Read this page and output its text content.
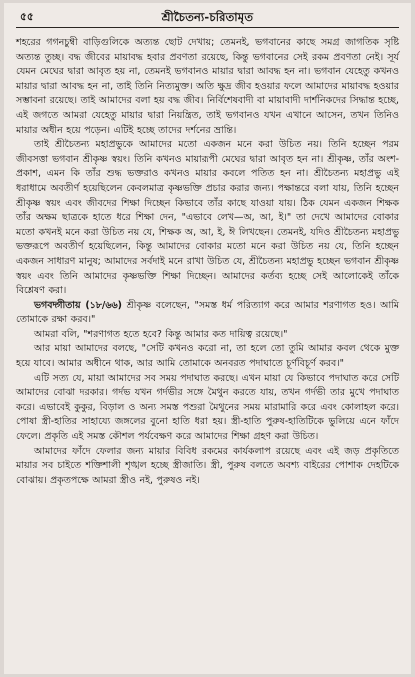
৫৫	শ্রীচৈতন্য-চরিতামৃত

শহরের গগনচুম্বী বাড়িগুলিকে অত্যন্ত ছোট দেখায়; তেমনই, ভগবানের কাছে সমগ্র জাগতিক সৃষ্টি অত্যন্ত তুচ্ছ। বদ্ধ জীবের মায়াবদ্ধ হবার প্রবণতা রয়েছে, কিন্তু ভগবানের সেই রকম প্রবণতা নেই। সূর্য যেমন মেঘের দ্বারা আবৃত হয় না, তেমনই ভগবানও মায়ার দ্বারা আবদ্ধ হন না। ভগবান যেহেতু কখনও মায়ার দ্বারা আবদ্ধ হন না, তাই তিনি নিত্যমুক্ত। অতি ক্ষুদ্র জীব হওয়ার ফলে আমাদের মায়াবদ্ধ হওয়ার সম্ভাবনা রয়েছে। তাই আমাদের বলা হয় বদ্ধ জীব। নির্বিশেষবাদী বা মায়াবাদী দার্শনিকদের সিদ্ধান্ত হচ্ছে, এই জগতে আমরা যেহেতু মায়ার দ্বারা নিয়ন্ত্রিত, তাই ভগবানও যখন এখানে আসেন, তখন তিনিও মায়ার অধীন হয়ে পড়েন। এটিই হচ্ছে তাদের দর্শনের ভ্রান্তি।

তাই শ্রীচৈতন্য মহাপ্রভুকে আমাদের মতো একজন মনে করা উচিত নয়। তিনি হচ্ছেন পরম জীবসত্তা ভগবান শ্রীকৃষ্ণ স্বয়ং। তিনি কখনও মায়ারূপী মেঘের দ্বারা আবৃত হন না। শ্রীকৃষ্ণ, তাঁর অংশ-প্রকাশ, এমন কি তাঁর শুদ্ধ ভক্তরাও কখনও মায়ার কবলে পতিত হন না। শ্রীচৈতন্য মহাপ্রভু এই ধরাধামে অবতীর্ণ হয়েছিলেন কেবলমাত্র কৃষ্ণভক্তি প্রচার করার জন্য। পক্ষান্তরে বলা যায়, তিনি হচ্ছেন শ্রীকৃষ্ণ স্বয়ং এবং জীবদের শিক্ষা দিচ্ছেন কিভাবে তাঁর কাছে যাওয়া যায়। ঠিক যেমন একজন শিক্ষক তাঁর অক্ষম ছাত্রকে হাতে ধরে শিক্ষা দেন, "এভাবে লেখ—অ, আ, ই।" তা দেখে আমাদের বোকার মতো কখনই মনে করা উচিত নয় যে, শিক্ষক অ, আ, ই, ঈ লিখছেন। তেমনই, যদিও শ্রীচৈতন্য মহাপ্রভু ভক্তরূপে অবতীর্ণ হয়েছিলেন, কিন্তু আমাদের বোকার মতো মনে করা উচিত নয় যে, তিনি হচ্ছেন একজন সাধারণ মানুষ; আমাদের সর্বদাই মনে রাখা উচিত যে, শ্রীচৈতন্য মহাপ্রভু হচ্ছেন ভগবান শ্রীকৃষ্ণ স্বয়ং এবং তিনি আমাদের কৃষ্ণভক্তি শিক্ষা দিচ্ছেন। আমাদের কর্তব্য হচ্ছে সেই আলোকেই তাঁকে বিশ্লেষণ করা।

ভগবদ্গীতায় (১৮/৬৬) শ্রীকৃষ্ণ বলেছেন, "সমস্ত ধর্ম পরিত্যাগ করে আমার শরণাগত হও। আমি তোমাকে রক্ষা করব।"

আমরা বলি, "শরণাগত হতে হবে? কিন্তু আমার কত দায়িত্ব রয়েছে।"

আর মায়া আমাদের বলছে, "সেটি কখনও করো না, তা হলে তো তুমি আমার কবল থেকে মুক্ত হয়ে যাবে। আমার অধীনে থাক, আর আমি তোমাকে অনবরত পদাঘাতে চূর্ণবিচূর্ণ করব।"

এটি সত্য যে, মায়া আমাদের সব সময় পদাঘাত করছে। এখন মায়া যে কিভাবে পদাঘাত করে সেটি আমাদের বোঝা দরকার। গর্দভ যখন গর্দভীর সঙ্গে মৈথুন করতে যায়, তখন গর্দভী তার মুখে পদাঘাত করে। এভাবেই কুকুর, বিড়াল ও অন্য সমস্ত পশুরা মৈথুনের সময় মারামারি করে এবং কোলাহল করে। পোষা স্ত্রী-হাতির সাহায্যে জঙ্গলের বুনো হাতি ধরা হয়। স্ত্রী-হাতি পুরুষ-হাতিটিকে ভুলিয়ে এনে ফাঁদে ফেলে। প্রকৃতি এই সমস্ত কৌশল পর্যবেক্ষণ করে আমাদের শিক্ষা গ্রহণ করা উচিত।

আমাদের ফাঁদে ফেলার জন্য মায়ার বিবিধ রকমের কার্যকলাপ রয়েছে এবং এই জড় প্রকৃতিতে মায়ার সব চাইতে শক্তিশালী শৃঙ্খল হচ্ছে স্ত্রীজাতি। স্ত্রী, পুরুষ বলতে অবশ্য বাইরের পোশাক দেহটিকে বোঝায়। প্রকৃতপক্ষে আমরা স্ত্রীও নই, পুরুষও নই।
